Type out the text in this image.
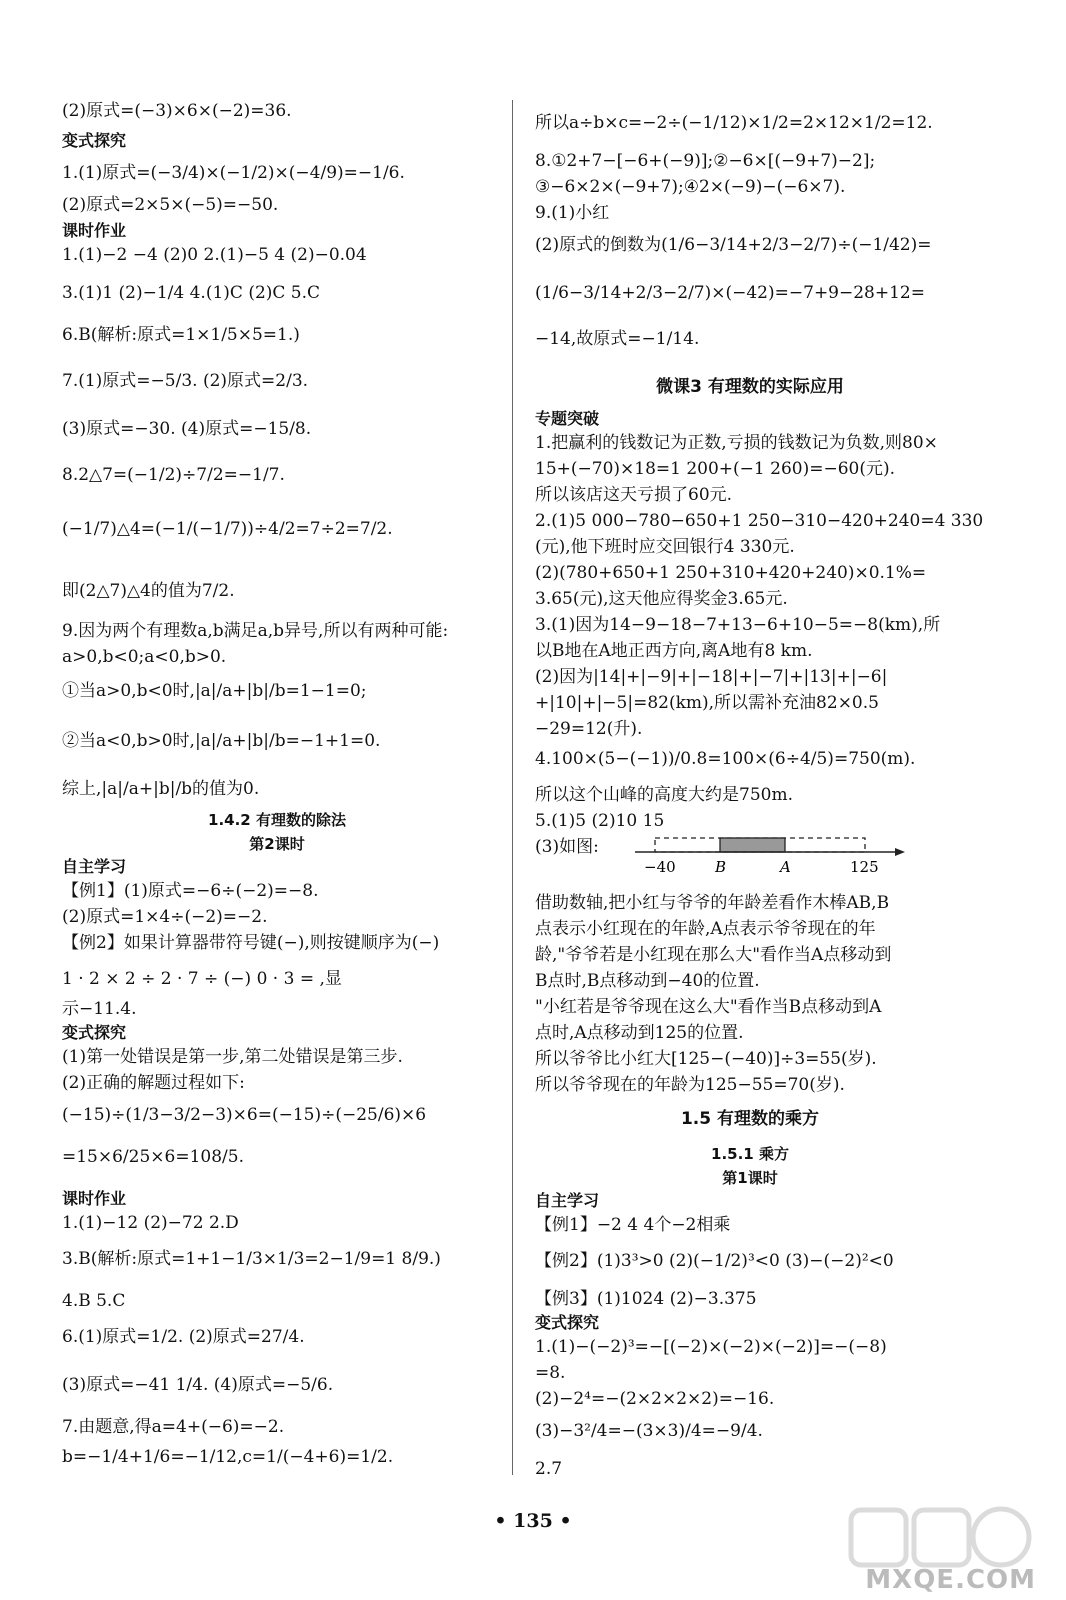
(2)原式=(−3)×6×(−2)=36.
变式探究
1.(1)原式=(−3/4)×(−1/2)×(−4/9)=−1/6.
(2)原式=2×5×(−5)=−50.
课时作业
1.(1)−2 −4 (2)0 2.(1)−5 4 (2)−0.04
3.(1)1 (2)−1/4 4.(1)C (2)C 5.C
6.B(解析:原式=1×1/5×5=1.)
7.(1)原式=−5/3. (2)原式=2/3.
(3)原式=−30. (4)原式=−15/8.
8.2△7=(−1/2)÷7/2=−1/7.
(−1/7)△4=(−1/(−1/7))÷4/2=7÷2=7/2.
即(2△7)△4的值为7/2.
9.因为两个有理数a,b满足a,b异号,所以有两种可能:
a>0,b<0;a<0,b>0.
①当a>0,b<0时,|a|/a+|b|/b=1−1=0;
②当a<0,b>0时,|a|/a+|b|/b=−1+1=0.
综上,|a|/a+|b|/b的值为0.
1.4.2 有理数的除法
第2课时
自主学习
【例1】(1)原式=−6÷(−2)=−8.
(2)原式=1×4÷(−2)=−2.
【例2】如果计算器带符号键(−),则按键顺序为(−)
1 · 2 × 2 ÷ 2 · 7 ÷ (−) 0 · 3 = ,显
示−11.4.
变式探究
(1)第一处错误是第一步,第二处错误是第三步.
(2)正确的解题过程如下:
(−15)÷(1/3−3/2−3)×6=(−15)÷(−25/6)×6
=15×6/25×6=108/5.
课时作业
1.(1)−12 (2)−72 2.D
3.B(解析:原式=1+1−1/3×1/3=2−1/9=1 8/9.)
4.B 5.C
6.(1)原式=1/2. (2)原式=27/4.
(3)原式=−41 1/4. (4)原式=−5/6.
7.由题意,得a=4+(−6)=−2.
b=−1/4+1/6=−1/12,c=1/(−4+6)=1/2.
所以a÷b×c=−2÷(−1/12)×1/2=2×12×1/2=12.
8.①2+7−[−6+(−9)];②−6×[(−9+7)−2];
③−6×2×(−9+7);④2×(−9)−(−6×7).
9.(1)小红
(2)原式的倒数为(1/6−3/14+2/3−2/7)÷(−1/42)=
(1/6−3/14+2/3−2/7)×(−42)=−7+9−28+12=
−14,故原式=−1/14.
微课3 有理数的实际应用
专题突破
1.把赢利的钱数记为正数,亏损的钱数记为负数,则80×
15+(−70)×18=1 200+(−1 260)=−60(元).
所以该店这天亏损了60元.
2.(1)5 000−780−650+1 250−310−420+240=4 330
(元),他下班时应交回银行4 330元.
(2)(780+650+1 250+310+420+240)×0.1%=
3.65(元),这天他应得奖金3.65元.
3.(1)因为14−9−18−7+13−6+10−5=−8(km),所
以B地在A地正西方向,离A地有8 km.
(2)因为|14|+|−9|+|−18|+|−7|+|13|+|−6|
+|10|+|−5|=82(km),所以需补充油82×0.5
−29=12(升).
4.100×(5−(−1))/0.8=100×(6÷4/5)=750(m).
所以这个山峰的高度大约是750m.
5.(1)5 (2)10 15
(3)如图:
借助数轴,把小红与爷爷的年龄差看作木棒AB,B
点表示小红现在的年龄,A点表示爷爷现在的年
龄,"爷爷若是小红现在那么大"看作当A点移动到
B点时,B点移动到−40的位置.
"小红若是爷爷现在这么大"看作当B点移动到A
点时,A点移动到125的位置.
所以爷爷比小红大[125−(−40)]÷3=55(岁).
所以爷爷现在的年龄为125−55=70(岁).
1.5 有理数的乘方
1.5.1 乘方
第1课时
自主学习
【例1】−2 4 4个−2相乘
【例2】(1)3³>0 (2)(−1/2)³<0 (3)−(−2)²<0
【例3】(1)1024 (2)−3.375
变式探究
1.(1)−(−2)³=−[(−2)×(−2)×(−2)]=−(−8)
=8.
(2)−2⁴=−(2×2×2×2)=−16.
(3)−3²/4=−(3×3)/4=−9/4.
2.7
−40	B	A	125
• 135 •
MXQE.COM
